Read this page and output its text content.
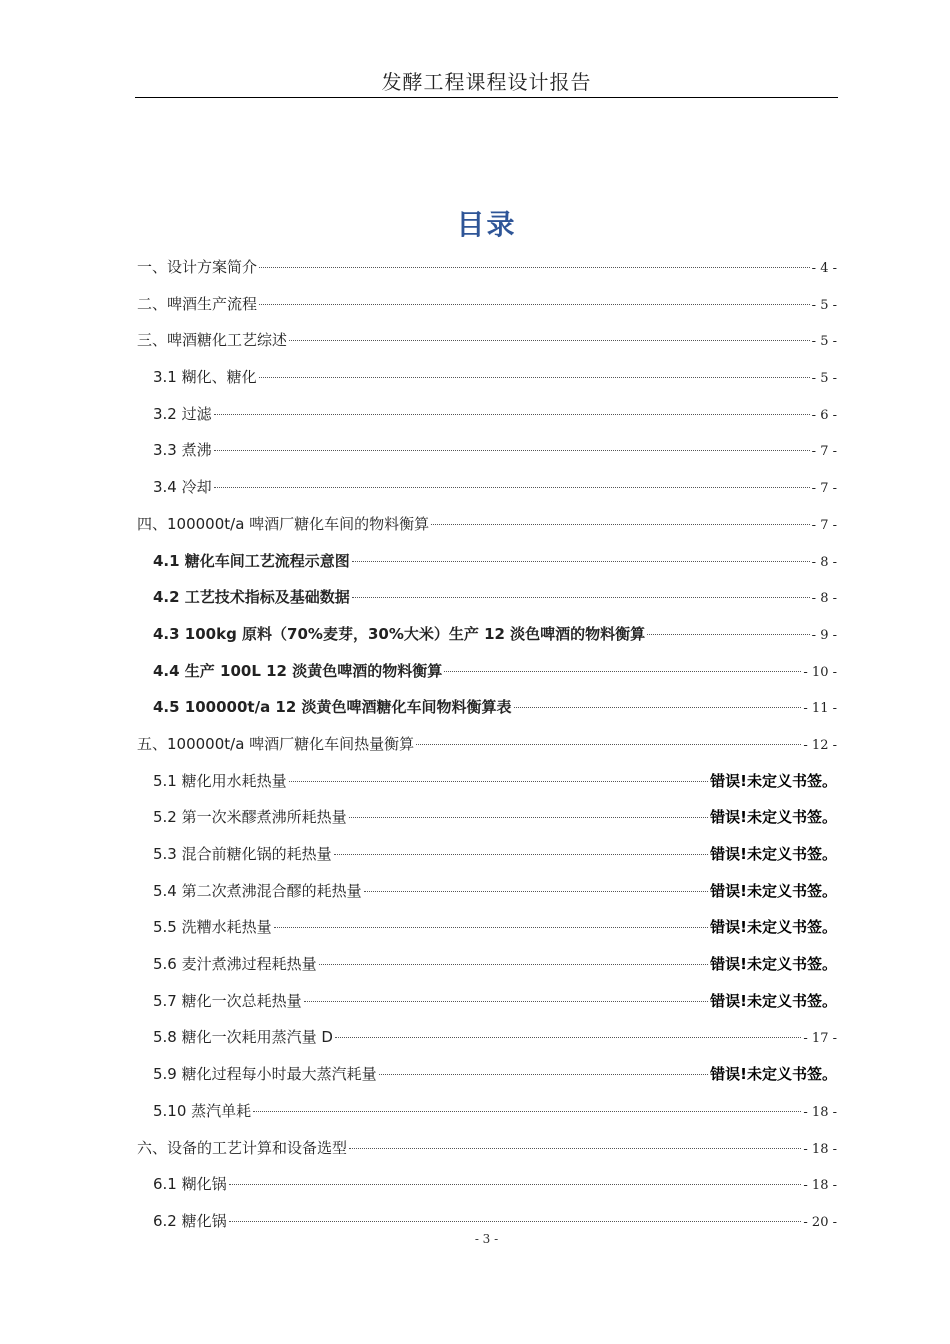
发酵工程课程设计报告
目录
一、设计方案简介	- 4 -
二、啤酒生产流程	- 5 -
三、啤酒糖化工艺综述	- 5 -
3.1 糊化、糖化	- 5 -
3.2 过滤	- 6 -
3.3 煮沸	- 7 -
3.4 冷却	- 7 -
四、100000t/a 啤酒厂糖化车间的物料衡算	- 7 -
4.1 糖化车间工艺流程示意图	- 8 -
4.2 工艺技术指标及基础数据	- 8 -
4.3 100kg 原料（70%麦芽，30%大米）生产 12 淡色啤酒的物料衡算	- 9 -
4.4 生产 100L 12 淡黄色啤酒的物料衡算	- 10 -
4.5 100000t/a 12 淡黄色啤酒糖化车间物料衡算表	- 11 -
五、100000t/a 啤酒厂糖化车间热量衡算	- 12 -
5.1 糖化用水耗热量	错误!未定义书签。
5.2 第一次米醪煮沸所耗热量	错误!未定义书签。
5.3 混合前糖化锅的耗热量	错误!未定义书签。
5.4 第二次煮沸混合醪的耗热量	错误!未定义书签。
5.5 洗糟水耗热量	错误!未定义书签。
5.6 麦汁煮沸过程耗热量	错误!未定义书签。
5.7 糖化一次总耗热量	错误!未定义书签。
5.8 糖化一次耗用蒸汽量 D	- 17 -
5.9 糖化过程每小时最大蒸汽耗量	错误!未定义书签。
5.10 蒸汽单耗	- 18 -
六、设备的工艺计算和设备选型	- 18 -
6.1 糊化锅	- 18 -
6.2 糖化锅	- 20 -
- 3 -
